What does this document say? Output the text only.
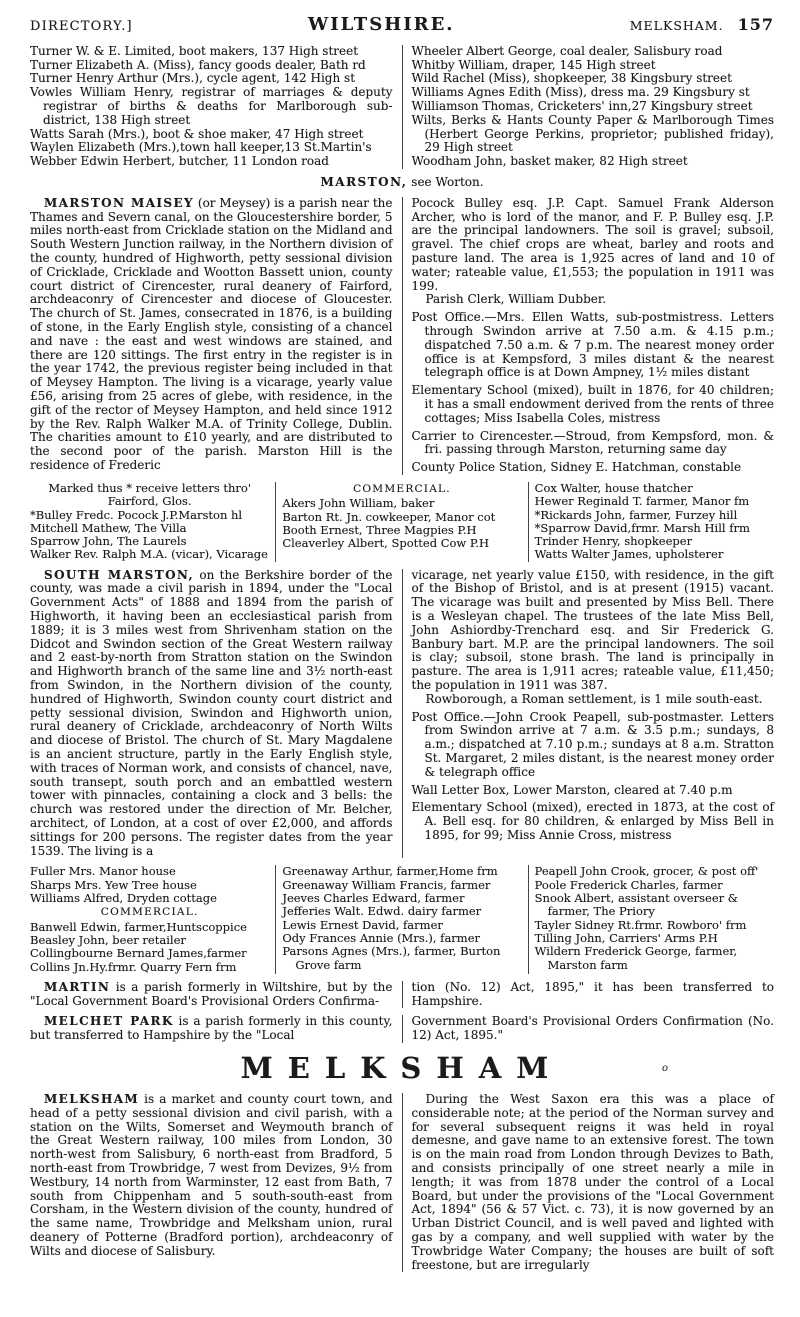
DIRECTORY.]	WILTSHIRE.	MELKSHAM. 157

Turner W. & E. Limited, boot makers, 137 High street

Turner Elizabeth A. (Miss), fancy goods dealer, Bath rd

Turner Henry Arthur (Mrs.), cycle agent, 142 High st

Vowles William Henry, registrar of marriages & deputy registrar of births & deaths for Marlborough sub-district, 138 High street

Watts Sarah (Mrs.), boot & shoe maker, 47 High street

Waylen Elizabeth (Mrs.),town hall keeper,13 St.Martin's

Webber Edwin Herbert, butcher, 11 London road

Wheeler Albert George, coal dealer, Salisbury road

Whitby William, draper, 145 High street

Wild Rachel (Miss), shopkeeper, 38 Kingsbury street

Williams Agnes Edith (Miss), dress ma. 29 Kingsbury st

Williamson Thomas, Cricketers' inn,27 Kingsbury street

Wilts, Berks & Hants County Paper & Marlborough Times (Herbert George Perkins, proprietor; published friday), 29 High street

Woodham John, basket maker, 82 High street

MARSTON, see Worton.

MARSTON MAISEY (or Meysey) is a parish near the Thames and Severn canal, on the Gloucestershire border, 5 miles north-east from Cricklade station on the Midland and South Western Junction railway, in the Northern division of the county, hundred of Highworth, petty sessional division of Cricklade, Cricklade and Wootton Bassett union, county court district of Cirencester, rural deanery of Fairford, archdeaconry of Cirencester and diocese of Gloucester. The church of St. James, consecrated in 1876, is a building of stone, in the Early English style, consisting of a chancel and nave : the east and west windows are stained, and there are 120 sittings. The first entry in the register is in the year 1742, the previous register being included in that of Meysey Hampton. The living is a vicarage, yearly value £56, arising from 25 acres of glebe, with residence, in the gift of the rector of Meysey Hampton, and held since 1912 by the Rev. Ralph Walker M.A. of Trinity College, Dublin. The charities amount to £10 yearly, and are distributed to the second poor of the parish. Marston Hill is the residence of Frederic

Pocock Bulley esq. J.P. Capt. Samuel Frank Alderson Archer, who is lord of the manor, and F. P. Bulley esq. J.P. are the principal landowners. The soil is gravel; subsoil, gravel. The chief crops are wheat, barley and roots and pasture land. The area is 1,925 acres of land and 10 of water; rateable value, £1,553; the population in 1911 was 199.

Parish Clerk, William Dubber.

Post Office.—Mrs. Ellen Watts, sub-postmistress. Letters through Swindon arrive at 7.50 a.m. & 4.15 p.m.; dispatched 7.50 a.m. & 7 p.m. The nearest money order office is at Kempsford, 3 miles distant & the nearest telegraph office is at Down Ampney, 1½ miles distant

Elementary School (mixed), built in 1876, for 40 children; it has a small endowment derived from the rents of three cottages; Miss Isabella Coles, mistress

Carrier to Cirencester.—Stroud, from Kempsford, mon. & fri. passing through Marston, returning same day

County Police Station, Sidney E. Hatchman, constable

Marked thus * receive letters thro'

Fairford, Glos.

*Bulley Fredc. Pocock J.P.Marston hl

Mitchell Mathew, The Villa

Sparrow John, The Laurels

Walker Rev. Ralph M.A. (vicar), Vicarage

COMMERCIAL.

Akers John William, baker

Barton Rt. Jn. cowkeeper, Manor cot

Booth Ernest, Three Magpies P.H

Cleaverley Albert, Spotted Cow P.H

Cox Walter, house thatcher

Hewer Reginald T. farmer, Manor fm

*Rickards John, farmer, Furzey hill

*Sparrow David,frmr. Marsh Hill frm

Trinder Henry, shopkeeper

Watts Walter James, upholsterer

SOUTH MARSTON, on the Berkshire border of the county, was made a civil parish in 1894, under the "Local Government Acts" of 1888 and 1894 from the parish of Highworth, it having been an ecclesiastical parish from 1889; it is 3 miles west from Shrivenham station on the Didcot and Swindon section of the Great Western railway and 2 east-by-north from Stratton station on the Swindon and Highworth branch of the same line and 3½ north-east from Swindon, in the Northern division of the county, hundred of Highworth, Swindon county court district and petty sessional division, Swindon and Highworth union, rural deanery of Cricklade, archdeaconry of North Wilts and diocese of Bristol. The church of St. Mary Magdalene is an ancient structure, partly in the Early English style, with traces of Norman work, and consists of chancel, nave, south transept, south porch and an embattled western tower with pinnacles, containing a clock and 3 bells: the church was restored under the direction of Mr. Belcher, architect, of London, at a cost of over £2,000, and affords sittings for 200 persons. The register dates from the year 1539. The living is a

vicarage, net yearly value £150, with residence, in the gift of the Bishop of Bristol, and is at present (1915) vacant. The vicarage was built and presented by Miss Bell. There is a Wesleyan chapel. The trustees of the late Miss Bell, John Ashiordby-Trenchard esq. and Sir Frederick G. Banbury bart. M.P. are the principal landowners. The soil is clay; subsoil, stone brash. The land is principally in pasture. The area is 1,911 acres; rateable value, £11,450; the population in 1911 was 387.

Rowborough, a Roman settlement, is 1 mile south-east.

Post Office.—John Crook Peapell, sub-postmaster. Letters from Swindon arrive at 7 a.m. & 3.5 p.m.; sundays, 8 a.m.; dispatched at 7.10 p.m.; sundays at 8 a.m. Stratton St. Margaret, 2 miles distant, is the nearest money order & telegraph office

Wall Letter Box, Lower Marston, cleared at 7.40 p.m

Elementary School (mixed), erected in 1873, at the cost of A. Bell esq. for 80 children, & enlarged by Miss Bell in 1895, for 99; Miss Annie Cross, mistress

Fuller Mrs. Manor house

Sharps Mrs. Yew Tree house

Williams Alfred, Dryden cottage

COMMERCIAL.

Banwell Edwin, farmer,Huntscoppice

Beasley John, beer retailer

Collingbourne Bernard James,farmer

Collins Jn.Hy.frmr. Quarry Fern frm

Greenaway Arthur, farmer,Home frm

Greenaway William Francis, farmer

Jeeves Charles Edward, farmer

Jefferies Walt. Edwd. dairy farmer

Lewis Ernest David, farmer

Ody Frances Annie (Mrs.), farmer

Parsons Agnes (Mrs.), farmer, Burton Grove farm

Peapell John Crook, grocer, & post off'

Poole Frederick Charles, farmer

Snook Albert, assistant overseer & farmer, The Priory

Tayler Sidney Rt.frmr. Rowboro' frm

Tilling John, Carriers' Arms P.H

Wildern Frederick George, farmer, Marston farm

MARTIN is a parish formerly in Wiltshire, but by the "Local Government Board's Provisional Orders Confirma-

tion (No. 12) Act, 1895," it has been transferred to Hampshire.

MELCHET PARK is a parish formerly in this county, but transferred to Hampshire by the "Local

Government Board's Provisional Orders Confirmation (No. 12) Act, 1895."

MELKSHAM	𝑜

MELKSHAM is a market and county court town, and head of a petty sessional division and civil parish, with a station on the Wilts, Somerset and Weymouth branch of the Great Western railway, 100 miles from London, 30 north-west from Salisbury, 6 north-east from Bradford, 5 north-east from Trowbridge, 7 west from Devizes, 9½ from Westbury, 14 north from Warminster, 12 east from Bath, 7 south from Chippenham and 5 south-south-east from Corsham, in the Western division of the county, hundred of the same name, Trowbridge and Melksham union, rural deanery of Potterne (Bradford portion), archdeaconry of Wilts and diocese of Salisbury.

During the West Saxon era this was a place of considerable note; at the period of the Norman survey and for several subsequent reigns it was held in royal demesne, and gave name to an extensive forest. The town is on the main road from London through Devizes to Bath, and consists principally of one street nearly a mile in length; it was from 1878 under the control of a Local Board, but under the provisions of the "Local Government Act, 1894" (56 & 57 Vict. c. 73), it is now governed by an Urban District Council, and is well paved and lighted with gas by a company, and well supplied with water by the Trowbridge Water Company; the houses are built of soft freestone, but are irregularly
